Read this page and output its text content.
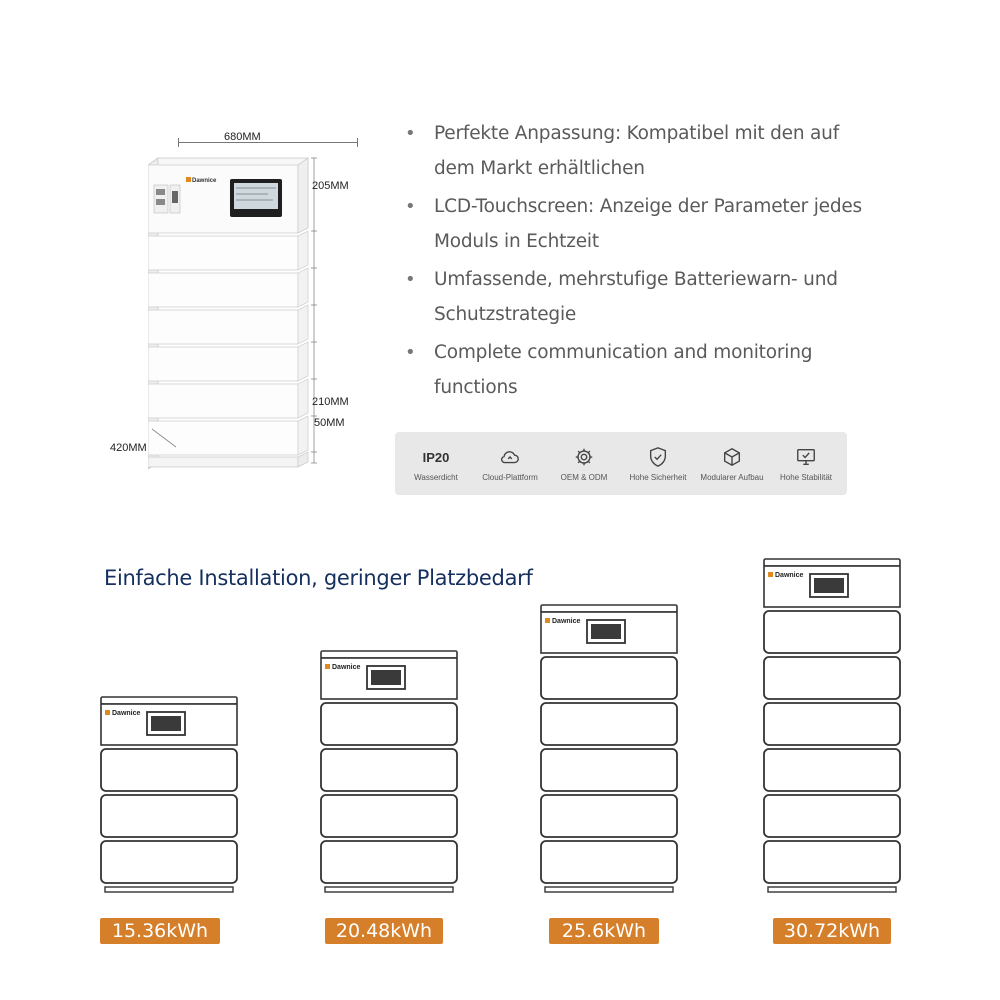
680MM
Dawnice	205MM
210MM
50MM
420MM
• Perfekte Anpassung: Kompatibel mit den auf dem Markt erhältlichen
• LCD-Touchscreen: Anzeige der Parameter jedes Moduls in Echtzeit
• Umfassende, mehrstufige Batteriewarn- und Schutzstrategie
• Complete communication and monitoring functions
IP20
Wasserdicht	Cloud-Plattform	OEM & ODM	Hohe Sicherheit Modularer Aufbau Hohe Stabilität
Einfache Installation, geringer Platzbedarf
Dawnice
15.36kWh
Dawnice
20.48kWh
Dawnice
25.6kWh
Dawnice
30.72kWh
